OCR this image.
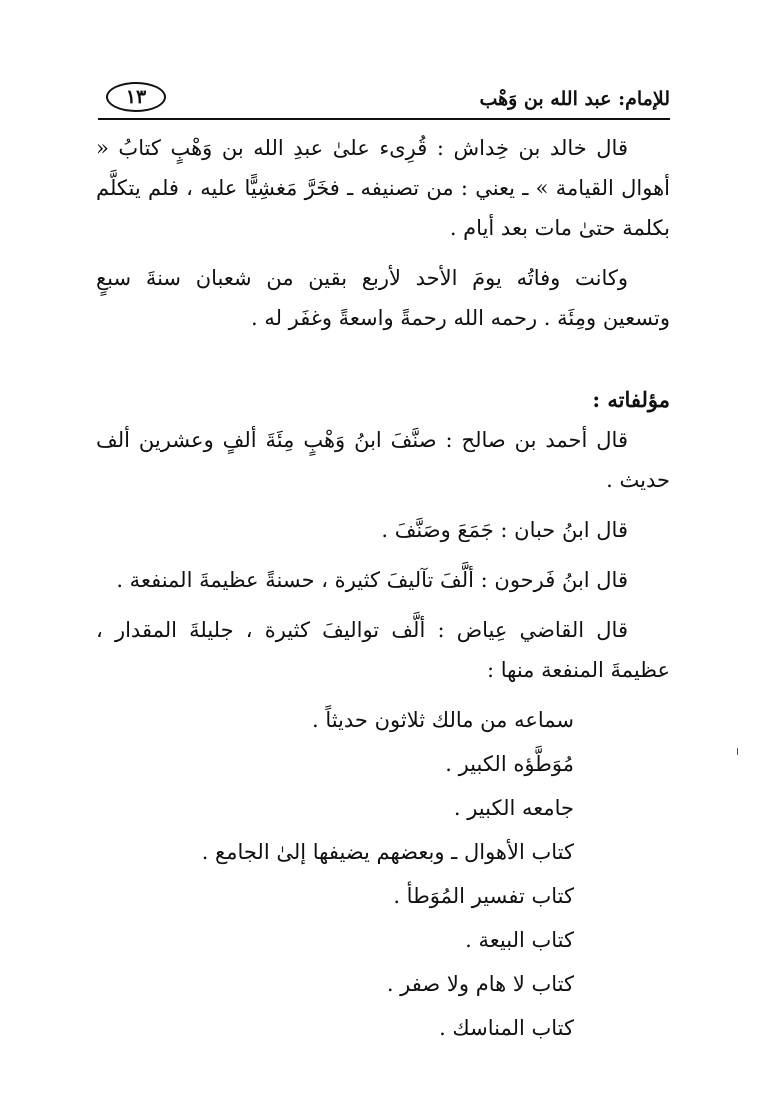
للإمام: عبد الله بن وَهْب
١٣

قال خالد بن خِداش : قُرِىء علىٰ عبدِ الله بن وَهْبٍ كتابُ « أهوال القيامة » ـ يعني : من تصنيفه ـ فخَرَّ مَغشِيًّا عليه ، فلم يتكلَّم بكلمة حتىٰ مات بعد أيام .

وكانت وفاتُه يومَ الأحد لأربع بقين من شعبان سنةَ سبعٍ وتسعين ومِئَة . رحمه الله رحمةً واسعةً وغفَر له .

مؤلفاته :

قال أحمد بن صالح : صنَّفَ ابنُ وَهْبٍ مِئَةَ ألفٍ وعشرين ألف حديث .

قال ابنُ حبان : جَمَعَ وصَنَّفَ .

قال ابنُ فَرحون : ألَّفَ تآليفَ كثيرة ، حسنةً عظيمةَ المنفعة .

قال القاضي عِياض : ألَّف تواليفَ كثيرة ، جليلةَ المقدار ، عظيمةَ المنفعة منها :

سماعه من مالك ثلاثون حديثاً .

مُوَطَّؤه الكبير .

جامعه الكبير .

كتاب الأهوال ـ وبعضهم يضيفها إلىٰ الجامع .

كتاب تفسير المُوَطأ .

كتاب البيعة .

كتاب لا هام ولا صفر .

كتاب المناسك .
